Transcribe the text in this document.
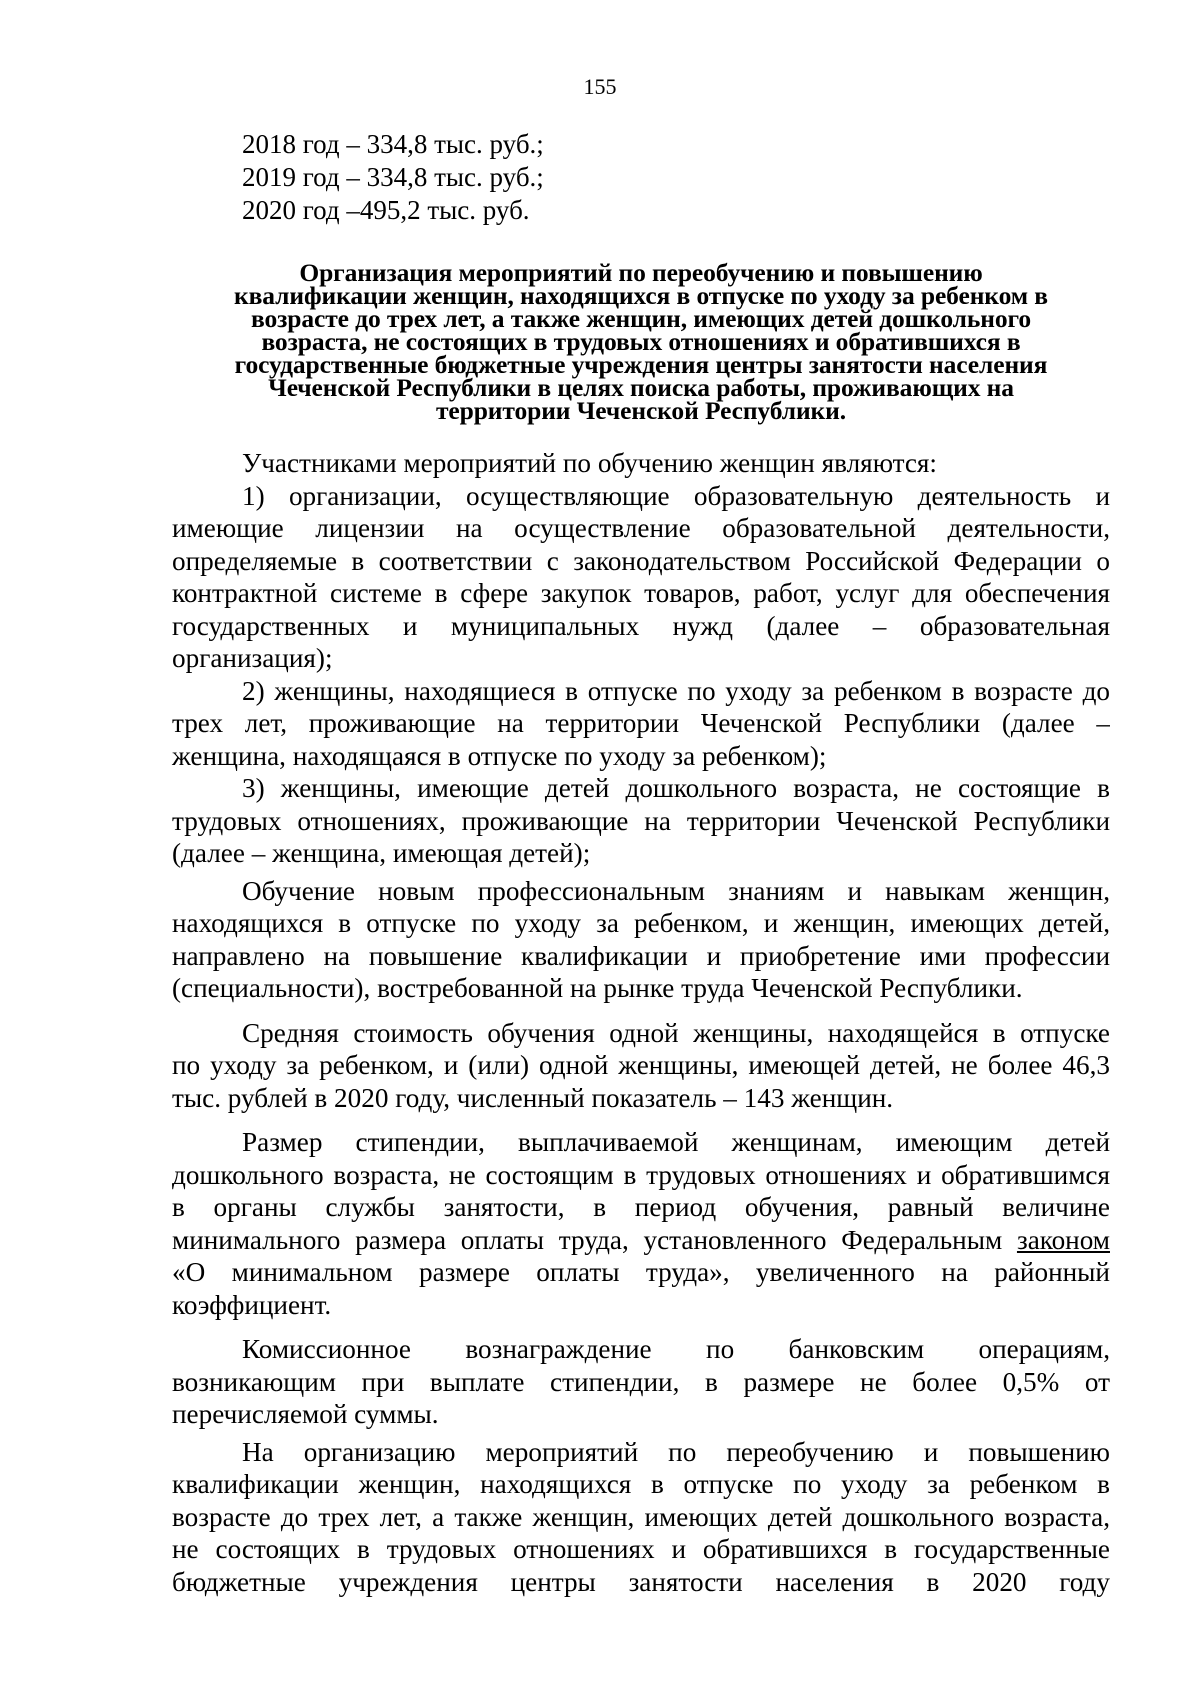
155
2018 год – 334,8 тыс. руб.;
2019 год – 334,8 тыс. руб.;
2020 год –495,2 тыс. руб.
Организация мероприятий по переобучению и повышению
квалификации женщин, находящихся в отпуске по уходу за ребенком в
возрасте до трех лет, а также женщин, имеющих детей дошкольного
возраста, не состоящих в трудовых отношениях и обратившихся в
государственные бюджетные учреждения центры занятости населения
Чеченской Республики в целях поиска работы, проживающих на
территории Чеченской Республики.
Участниками мероприятий по обучению женщин являются:
1) организации, осуществляющие образовательную деятельность и
имеющие лицензии на осуществление образовательной деятельности,
определяемые в соответствии с законодательством Российской Федерации о
контрактной системе в сфере закупок товаров, работ, услуг для обеспечения
государственных и муниципальных нужд (далее – образовательная
организация);
2) женщины, находящиеся в отпуске по уходу за ребенком в возрасте до
трех лет, проживающие на территории Чеченской Республики (далее –
женщина, находящаяся в отпуске по уходу за ребенком);
3) женщины, имеющие детей дошкольного возраста, не состоящие в
трудовых отношениях, проживающие на территории Чеченской Республики
(далее – женщина, имеющая детей);
Обучение новым профессиональным знаниям и навыкам женщин,
находящихся в отпуске по уходу за ребенком, и женщин, имеющих детей,
направлено на повышение квалификации и приобретение ими профессии
(специальности), востребованной на рынке труда Чеченской Республики.
Средняя стоимость обучения одной женщины, находящейся в отпуске
по уходу за ребенком, и (или) одной женщины, имеющей детей, не более 46,3
тыс. рублей в 2020 году, численный показатель – 143 женщин.
Размер стипендии, выплачиваемой женщинам, имеющим детей
дошкольного возраста, не состоящим в трудовых отношениях и обратившимся
в органы службы занятости, в период обучения, равный величине
минимального размера оплаты труда, установленного Федеральным законом
«О минимальном размере оплаты труда», увеличенного на районный
коэффициент.
Комиссионное вознаграждение по банковским операциям,
возникающим при выплате стипендии, в размере не более 0,5% от
перечисляемой суммы.
На организацию мероприятий по переобучению и повышению
квалификации женщин, находящихся в отпуске по уходу за ребенком в
возрасте до трех лет, а также женщин, имеющих детей дошкольного возраста,
не состоящих в трудовых отношениях и обратившихся в государственные
бюджетные учреждения центры занятости населения в 2020 году
